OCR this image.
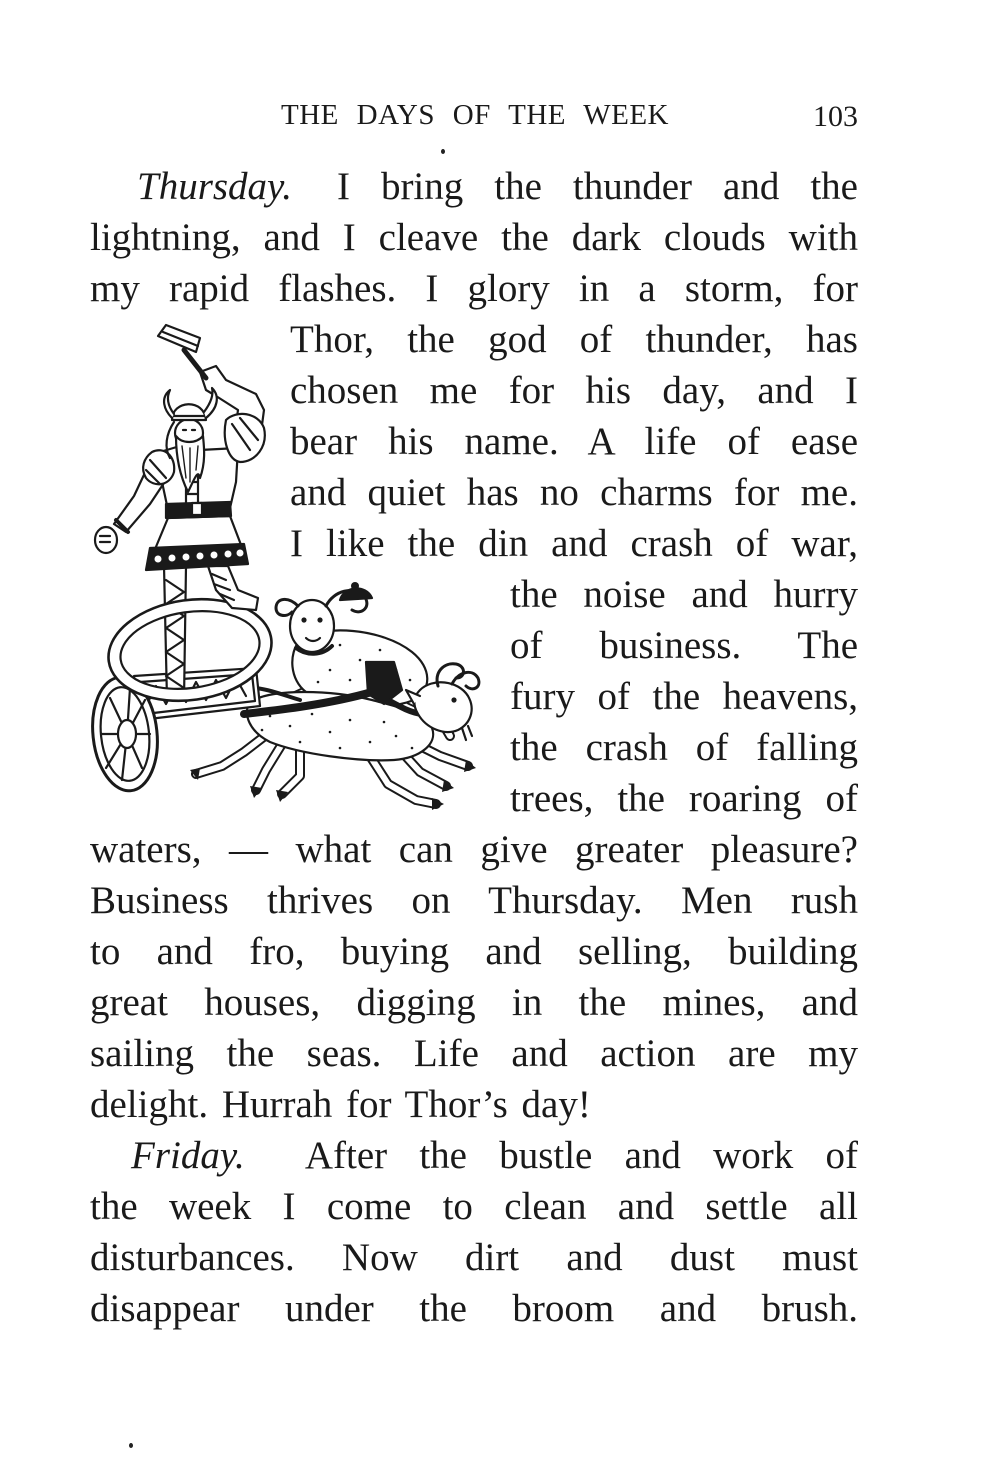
THE DAYS OF THE WEEK	103
Thursday. I bring the thunder and the
lightning, and I cleave the dark clouds with
my rapid flashes. I glory in a storm, for
Thor, the god of thunder, has
chosen me for his day, and I
bear his name. A life of ease
and quiet has no charms for me.
I like the din and crash of war,
the noise and hurry
of business. The
fury of the heavens,
the crash of falling
trees, the roaring of
waters, — what can give greater pleasure?
Business thrives on Thursday. Men rush
to and fro, buying and selling, building
great houses, digging in the mines, and
sailing the seas. Life and action are my
delight. Hurrah for Thor’s day!
Friday. After the bustle and work of
the week I come to clean and settle all
disturbances. Now dirt and dust must
disappear under the broom and brush.
